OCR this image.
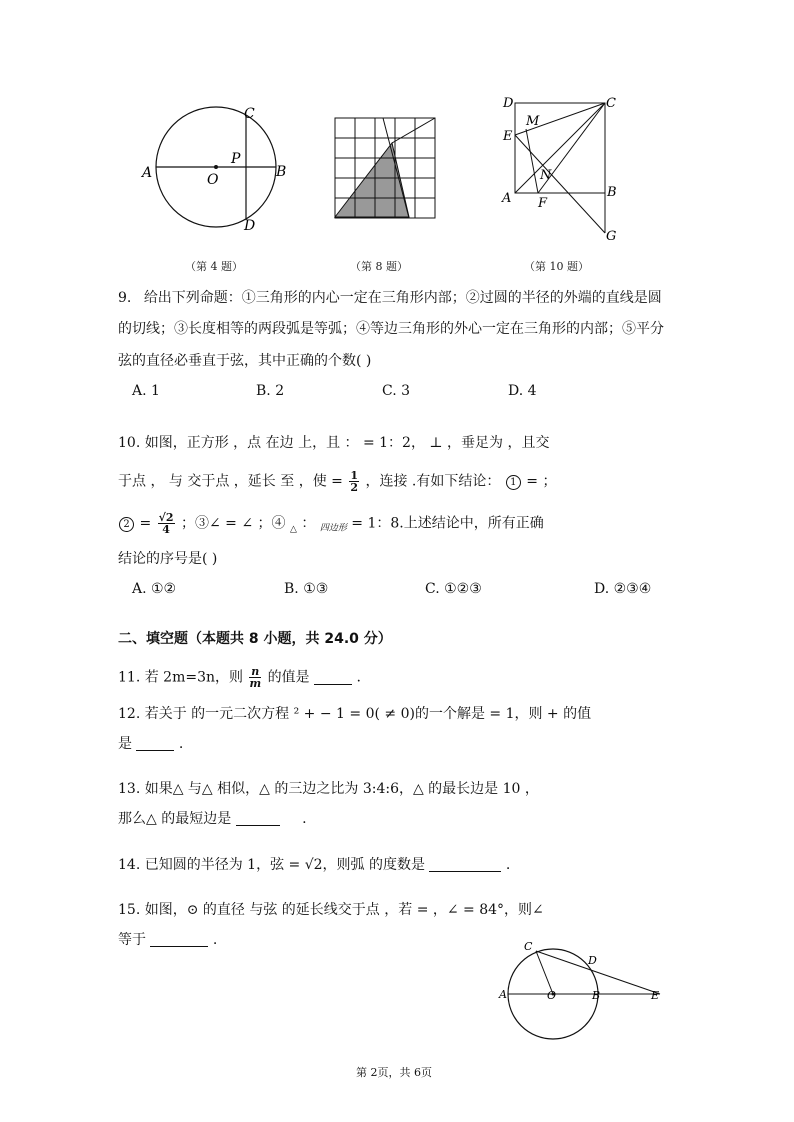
A	O
P
B
C
D
（第 4 题）	（第 8 题）
D	C
M
E
N
A F
B
G
（第 10 题）
9. 给出下列命题：①三角形的内心一定在三角形内部；②过圆的半径的外端的直线是圆
的切线；③长度相等的两段弧是等弧；④等边三角形的外心一定在三角形的内部；⑤平分
弦的直径必垂直于弦，其中正确的个数( )
A. 1	B. 2	C. 3	D. 4
10. 如图，正方形 ，点 在边 上，且 ： = 1：2， ⊥ ，垂足为 ，且交
于点 ， 与 交于点 ，延长 至 ，使 = $\frac{1}{2}$ ，连接 .有如下结论： 1 = ；
$2 = \frac{√2}{4}$ ；③∠ = ∠ ；④ $_\triangle$ ： $_{四边形}$ = 1：8.上述结论中，所有正确
结论的序号是( )
A. ①②	B. ①③	C. ①②③	D. ②③④
二、填空题（本题共 8 小题，共 24.0 分）
11. 若 2m=3n，则 $\frac{n}{m}$ 的值是	.
12. 若关于 的一元二次方程 ² + − 1 = 0( ≠ 0)的一个解是 = 1，则 + 的值
是	.
13. 如果△ 与△ 相似，△ 的三边之比为 3:4:6，△ 的最长边是 10 ，
那么△ 的最短边是	.
14. 已知圆的半径为 1，弦 = √2，则弧 的度数是	.
15. 如图，⊙ 的直径 与弦 的延长线交于点 ，若 = ，∠ = 84°，则∠
等于	.	C
D
A	O	B	E
第 2页，共 6页
